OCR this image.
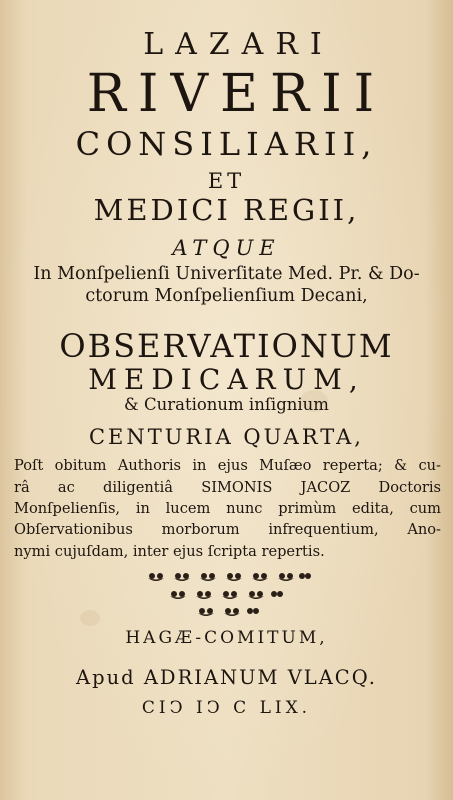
LAZARI
RIVERII
CONSILIARII,
ET
MEDICI REGII,
ATQUE
In Monſpelienſi Univerſitate Med. Pr. & Do-
ctorum Monſpelienſium Decani,
OBSERVATIONUM
MEDICARUM,
& Curationum inſignium
CENTURIA QUARTA,
Poſt obitum Authoris in ejus Muſæo reperta; & cu-
râ ac diligentiâ SIMONIS JACOZ Doctoris
Monſpelienſis, in lucem nunc primùm edita, cum
Obſervationibus morborum infrequentium, Ano-
nymi cujuſdam, inter ejus ſcripta repertis.
HAGÆ-COMITUM,
Apud ADRIANUM VLACQ.
CIↃ IↃ C LIX.
